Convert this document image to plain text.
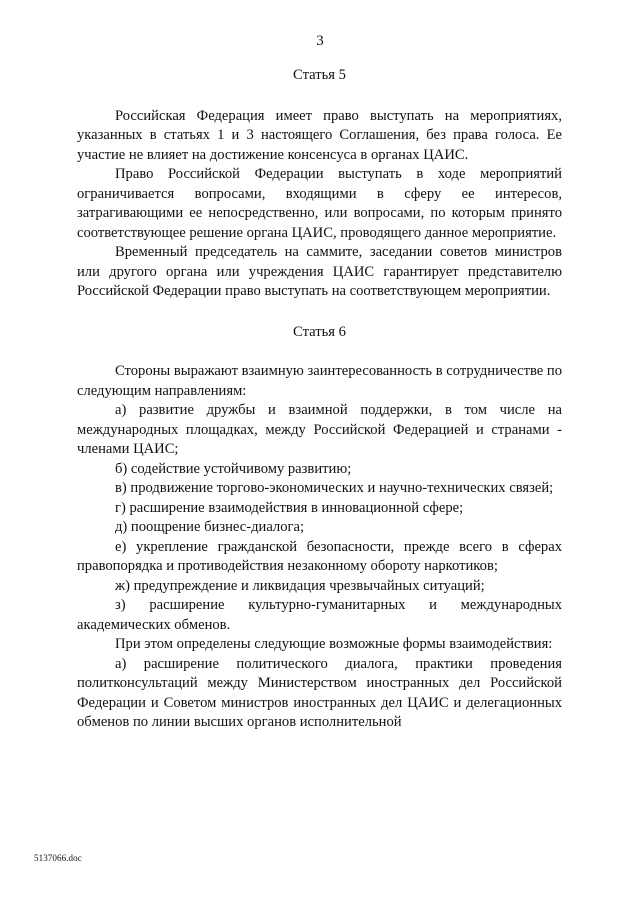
3
Статья 5

Российская Федерация имеет право выступать на мероприятиях, указанных в статьях 1 и 3 настоящего Соглашения, без права голоса. Ее участие не влияет на достижение консенсуса в органах ЦАИС.

Право Российской Федерации выступать в ходе мероприятий ограничивается вопросами, входящими в сферу ее интересов, затрагивающими ее непосредственно, или вопросами, по которым принято соответствующее решение органа ЦАИС, проводящего данное мероприятие.

Временный председатель на саммите, заседании советов министров или другого органа или учреждения ЦАИС гарантирует представителю Российской Федерации право выступать на соответствующем мероприятии.

Статья 6

Стороны выражают взаимную заинтересованность в сотрудничестве по следующим направлениям:

а) развитие дружбы и взаимной поддержки, в том числе на международных площадках, между Российской Федерацией и странами - членами ЦАИС;

б) содействие устойчивому развитию;

в) продвижение торгово-экономических и научно-технических связей;

г) расширение взаимодействия в инновационной сфере;

д) поощрение бизнес-диалога;

е) укрепление гражданской безопасности, прежде всего в сферах правопорядка и противодействия незаконному обороту наркотиков;

ж) предупреждение и ликвидация чрезвычайных ситуаций;

з) расширение культурно-гуманитарных и международных академических обменов.

При этом определены следующие возможные формы взаимодействия:

а) расширение политического диалога, практики проведения политконсультаций между Министерством иностранных дел Российской Федерации и Советом министров иностранных дел ЦАИС и делегационных обменов по линии высших органов исполнительной

5137066.doc
